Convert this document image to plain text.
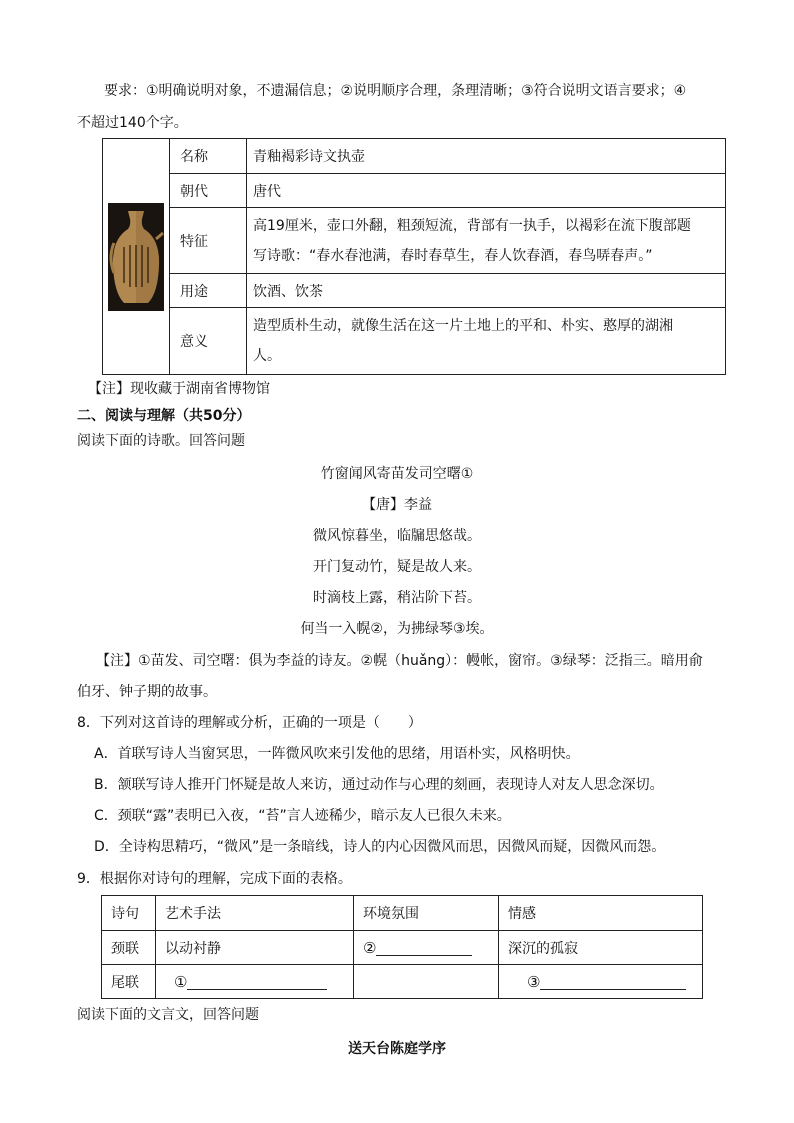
要求：①明确说明对象，不遗漏信息；②说明顺序合理，条理清晰；③符合说明文语言要求；④
不超过140个字。
	名称	青釉褐彩诗文执壶
	朝代	唐代
	特征	高19厘米，壶口外翻，粗颈短流，背部有一执手，以褐彩在流下腹部题
写诗歌：“春水春池满，春时春草生，春人饮春酒，春鸟哢春声。”

	用途	饮酒、饮茶
	意义	造型质朴生动，就像生活在这一片土地上的平和、朴实、憨厚的湖湘
人。
【注】现收藏于湖南省博物馆
二、阅读与理解（共50分）
阅读下面的诗歌。回答问题
竹窗闻风寄苗发司空曙①
【唐】李益
微风惊暮坐，临牖思悠哉。
开门复动竹，疑是故人来。
时滴枝上露，稍沾阶下苔。
何当一入幌②，为拂绿琴③埃。
【注】①苗发、司空曙：俱为李益的诗友。②幌（huǎng）：幔帐，窗帘。③绿琴：泛指三。暗用俞
伯牙、钟子期的故事。
8．下列对这首诗的理解或分析，正确的一项是（　　）
A．首联写诗人当窗冥思，一阵微风吹来引发他的思绪，用语朴实，风格明快。
B．颔联写诗人推开门怀疑是故人来访，通过动作与心理的刻画，表现诗人对友人思念深切。
C．颈联“露”表明已入夜，“苔”言人迹稀少，暗示友人已很久未来。
D．全诗构思精巧，“微风”是一条暗线，诗人的内心因微风而思，因微风而疑，因微风而怨。
9．根据你对诗句的理解，完成下面的表格。
诗句	艺术手法	环境氛围	情感
颈联	以动衬静	②	深沉的孤寂
尾联	①		③
阅读下面的文言文，回答问题
送天台陈庭学序
